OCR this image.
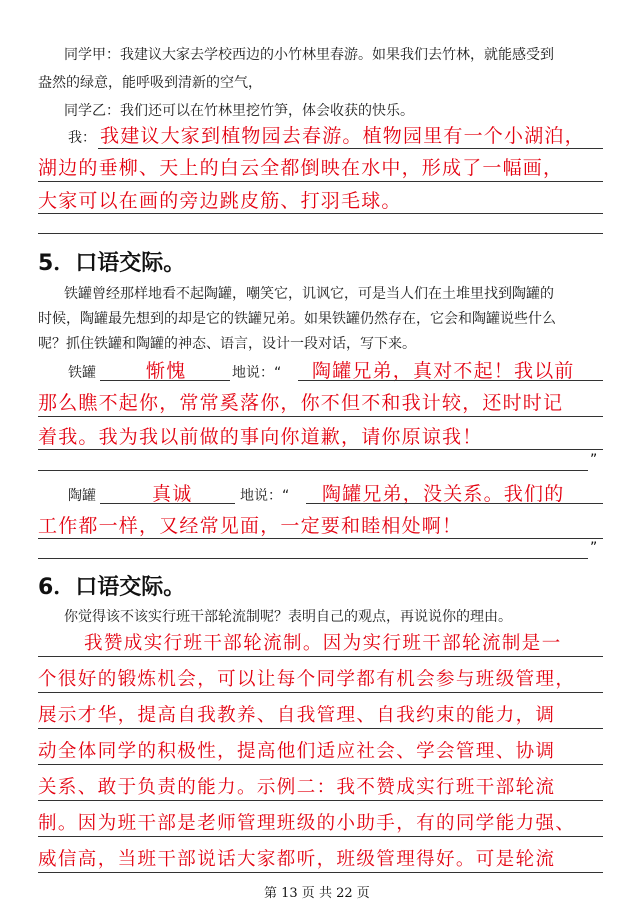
同学甲：我建议大家去学校西边的小竹林里春游。如果我们去竹林，就能感受到
盎然的绿意，能呼吸到清新的空气，
同学乙：我们还可以在竹林里挖竹笋，体会收获的快乐。
我： 我建议大家到植物园去春游。植物园里有一个小湖泊，
湖边的垂柳、天上的白云全都倒映在水中，形成了一幅画，
大家可以在画的旁边跳皮筋、打羽毛球。
5．口语交际。
铁罐曾经那样地看不起陶罐，嘲笑它，讥讽它，可是当人们在土堆里找到陶罐的
时候，陶罐最先想到的却是它的铁罐兄弟。如果铁罐仍然存在，它会和陶罐说些什么
呢？抓住铁罐和陶罐的神态、语言，设计一段对话，写下来。
铁罐	惭愧	地说：“ 陶罐兄弟，真对不起！我以前
那么瞧不起你，常常奚落你，你不但不和我计较，还时时记
着我。我为我以前做的事向你道歉，请你原谅我！
”
陶罐	真诚	地说：“ 陶罐兄弟，没关系。我们的
工作都一样，又经常见面，一定要和睦相处啊！
”
6．口语交际。
你觉得该不该实行班干部轮流制呢？表明自己的观点，再说说你的理由。
我赞成实行班干部轮流制。因为实行班干部轮流制是一
个很好的锻炼机会，可以让每个同学都有机会参与班级管理，
展示才华，提高自我教养、自我管理、自我约束的能力，调
动全体同学的积极性，提高他们适应社会、学会管理、协调
关系、敢于负责的能力。示例二：我不赞成实行班干部轮流
制。因为班干部是老师管理班级的小助手，有的同学能力强、
威信高，当班干部说话大家都听，班级管理得好。可是轮流
第 13 页 共 22 页
